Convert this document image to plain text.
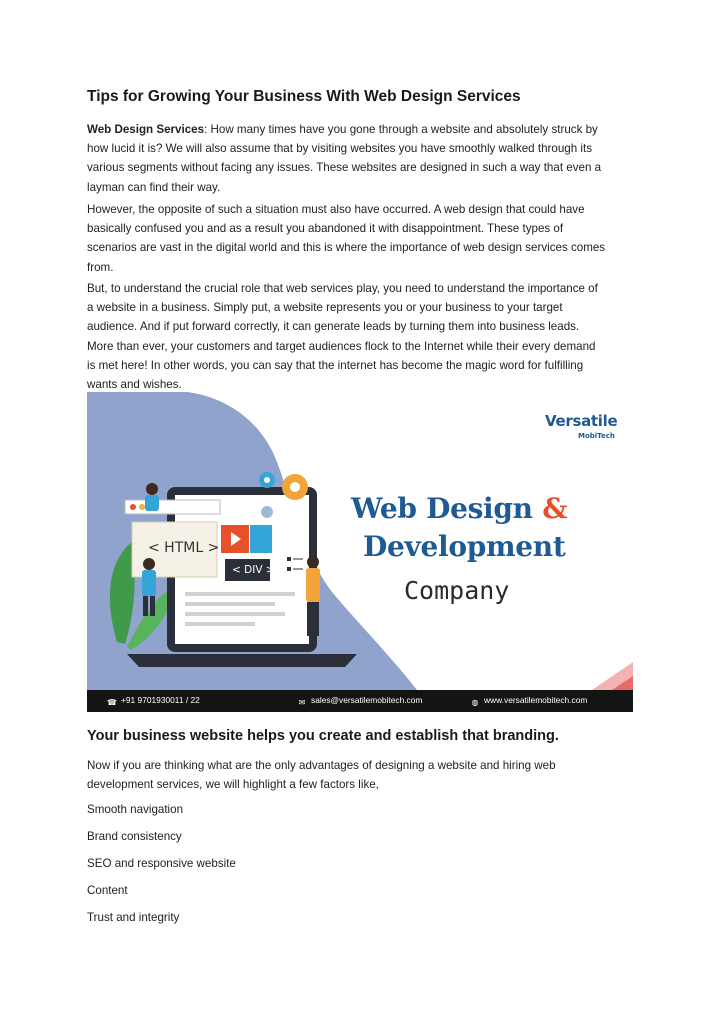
Tips for Growing Your Business With Web Design Services
Web Design Services: How many times have you gone through a website and absolutely struck by
how lucid it is? We will also assume that by visiting websites you have smoothly walked through its
various segments without facing any issues. These websites are designed in such a way that even a
layman can find their way.
However, the opposite of such a situation must also have occurred. A web design that could have
basically confused you and as a result you abandoned it with disappointment. These types of
scenarios are vast in the digital world and this is where the importance of web design services comes
from.
But, to understand the crucial role that web services play, you need to understand the importance of
a website in a business. Simply put, a website represents you or your business to your target
audience. And if put forward correctly, it can generate leads by turning them into business leads.
More than ever, your customers and target audiences flock to the Internet while their every demand
is met here! In other words, you can say that the internet has become the magic word for fulfilling
wants and wishes.
Versatile
MobiTech
Web Design &
Development
Company
< HTML >
< DIV >
☎ +91 9701930011 / 22	✉ sales@versatilemobitech.com	◍ www.versatilemobitech.com
Your business website helps you create and establish that branding.
Now if you are thinking what are the only advantages of designing a website and hiring web
development services, we will highlight a few factors like,
Smooth navigation
Brand consistency
SEO and responsive website
Content
Trust and integrity
